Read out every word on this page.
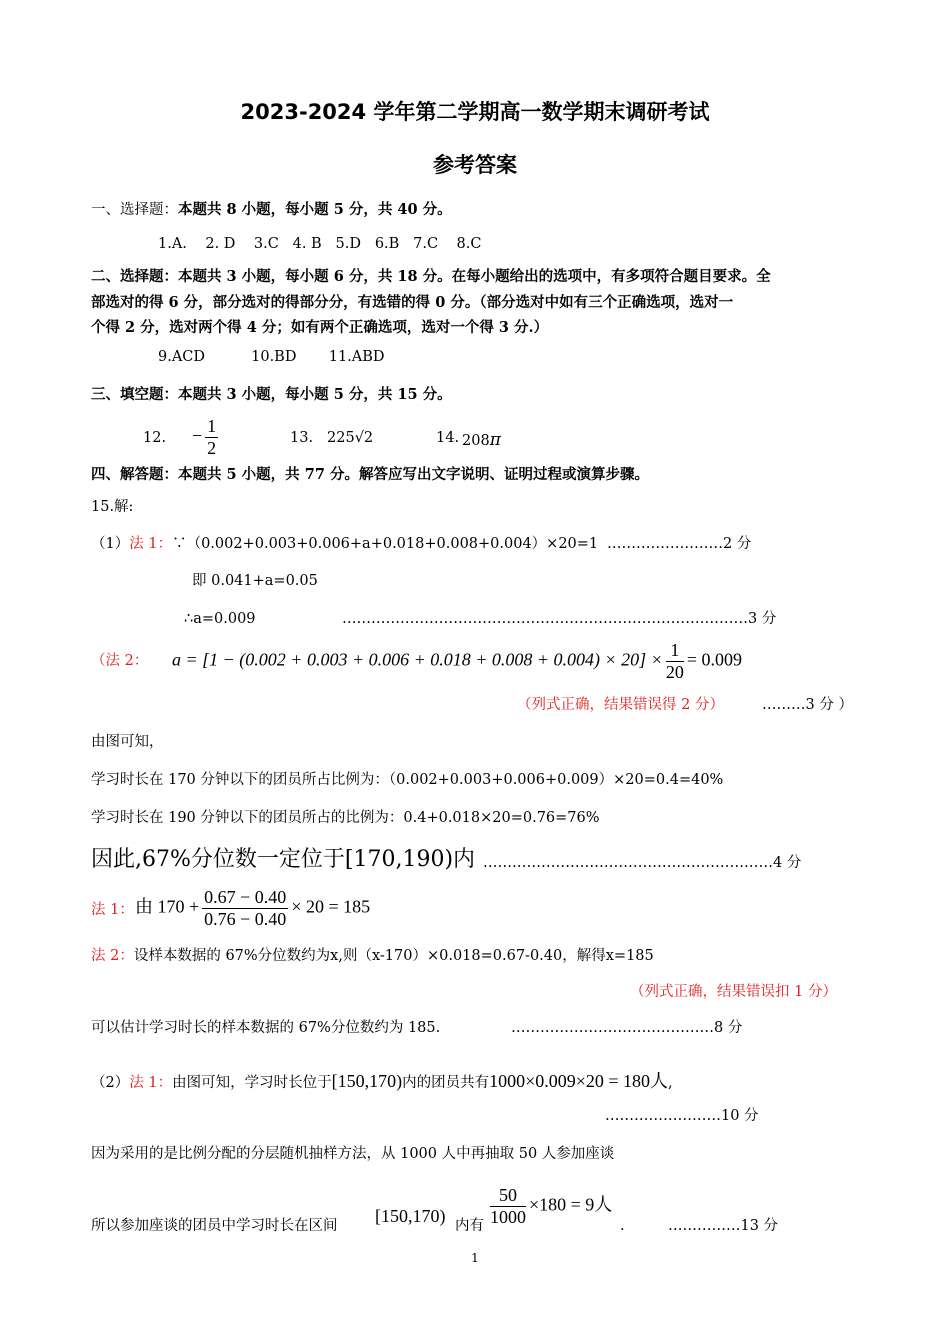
2023-2024 学年第二学期高一数学期末调研考试
参考答案
一、选择题：本题共 8 小题，每小题 5 分，共 40 分。
1.A.    2. D    3.C   4. B   5.D   6.B   7.C    8.C
二、选择题：本题共 3 小题，每小题 6 分，共 18 分。在每小题给出的选项中，有多项符合题目要求。全
部选对的得 6 分，部分选对的得部分分，有选错的得 0 分。（部分选对中如有三个正确选项，选对一
个得 2 分，选对两个得 4 分；如有两个正确选项，选对一个得 3 分.）
9.ACD          10.BD       11.ABD
三、填空题：本题共 3 小题，每小题 5 分，共 15 分。
12. − $\frac{1}{2}$	13. 225√2	14. 208π
四、解答题：本题共 5 小题，共 77 分。解答应写出文字说明、证明过程或演算步骤。
15.解:
（1）法 1：∵（0.002+0.003+0.006+a+0.018+0.008+0.004）×20=1 ……………………2 分
即 0.041+a=0.05
∴a=0.009	…………………………………………………………………………3 分
（法 2： $a = [1 - (0.002 + 0.003 + 0.006 + 0.018 + 0.008 + 0.004) \times 20] \times \frac{1}{20} = 0.009$
（列式正确，结果错误得 2 分）	………3 分 ）
由图可知，
学习时长在 170 分钟以下的团员所占比例为：（0.002+0.003+0.006+0.009）×20=0.4=40%
学习时长在 190 分钟以下的团员所占的比例为：0.4+0.018×20=0.76=76%
因此,67%分位数一定位于[170,190)内 ……………………………………………………4 分
法 1： 由 $170 + \frac{0.67 - 0.40}{0.76 - 0.40} \times 20 = 185$
法 2：设样本数据的 67%分位数约为x,则（x-170）×0.018=0.67-0.40，解得x=185
（列式正确，结果错误扣 1 分）
可以估计学习时长的样本数据的 67%分位数约为 185.	……………………………………8 分
（2）法 1：由图可知，学习时长位于[150,170)内的团员共有1000×0.009×20 = 180人,
……………………10 分
因为采用的是比例分配的分层随机抽样方法，从 1000 人中再抽取 50 人参加座谈
所以参加座谈的团员中学习时长在区间 [150,170) 内有 $\frac{50}{1000} \times 180 = 9$人
.	……………13 分
1
